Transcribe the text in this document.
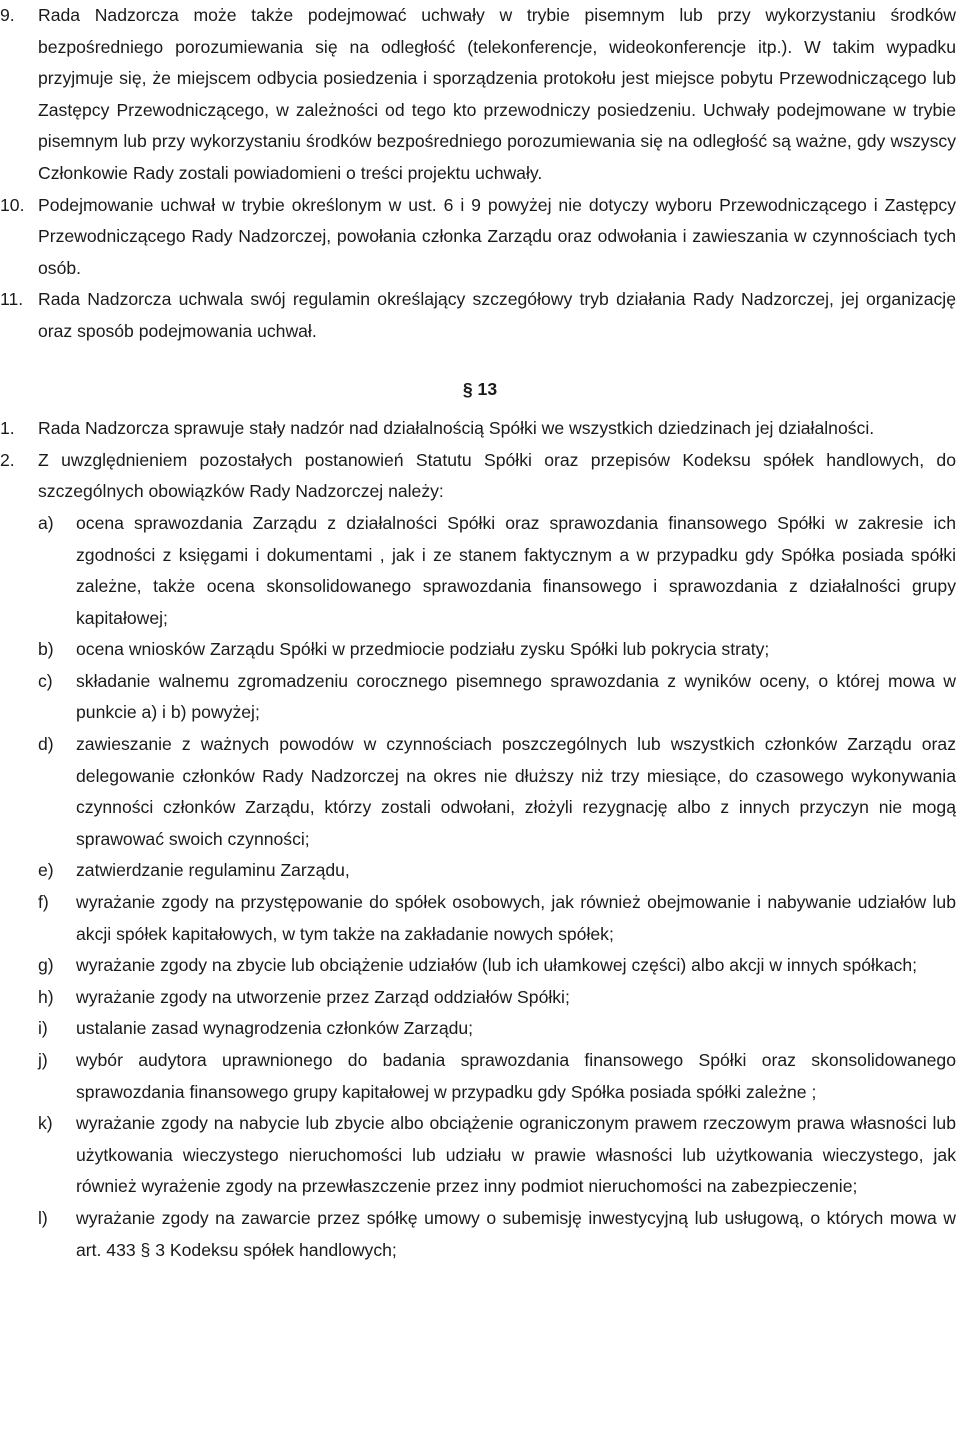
9. Rada Nadzorcza może także podejmować uchwały w trybie pisemnym lub przy wykorzystaniu środków bezpośredniego porozumiewania się na odległość (telekonferencje, wideokonferencje itp.). W takim wypadku przyjmuje się, że miejscem odbycia posiedzenia i sporządzenia protokołu jest miejsce pobytu Przewodniczącego lub Zastępcy Przewodniczącego, w zależności od tego kto przewodniczy posiedzeniu. Uchwały podejmowane w trybie pisemnym lub przy wykorzystaniu środków bezpośredniego porozumiewania się na odległość są ważne, gdy wszyscy Członkowie Rady zostali powiadomieni o treści projektu uchwały.
10. Podejmowanie uchwał w trybie określonym w ust. 6 i 9 powyżej nie dotyczy wyboru Przewodniczącego i Zastępcy Przewodniczącego Rady Nadzorczej, powołania członka Zarządu oraz odwołania i zawieszania w czynnościach tych osób.
11. Rada Nadzorcza uchwala swój regulamin określający szczegółowy tryb działania Rady Nadzorczej, jej organizację oraz sposób podejmowania uchwał.
§ 13
1. Rada Nadzorcza sprawuje stały nadzór nad działalnością Spółki we wszystkich dziedzinach jej działalności.
2. Z uwzględnieniem pozostałych postanowień Statutu Spółki oraz przepisów Kodeksu spółek handlowych, do szczególnych obowiązków Rady Nadzorczej należy:
a) ocena sprawozdania Zarządu z działalności Spółki oraz sprawozdania finansowego Spółki w zakresie ich zgodności z księgami i dokumentami , jak i ze stanem faktycznym a w przypadku gdy Spółka posiada spółki zależne, także ocena skonsolidowanego sprawozdania finansowego i sprawozdania z działalności grupy kapitałowej;
b) ocena wniosków Zarządu Spółki w przedmiocie podziału zysku Spółki lub pokrycia straty;
c) składanie walnemu zgromadzeniu corocznego pisemnego sprawozdania z wyników oceny, o której mowa w punkcie a) i b) powyżej;
d) zawieszanie z ważnych powodów w czynnościach poszczególnych lub wszystkich członków Zarządu oraz delegowanie członków Rady Nadzorczej na okres nie dłuższy niż trzy miesiące, do czasowego wykonywania czynności członków Zarządu, którzy zostali odwołani, złożyli rezygnację albo z innych przyczyn nie mogą sprawować swoich czynności;
e) zatwierdzanie regulaminu Zarządu,
f) wyrażanie zgody na przystępowanie do spółek osobowych, jak również obejmowanie i nabywanie udziałów lub akcji spółek kapitałowych, w tym także na zakładanie nowych spółek;
g) wyrażanie zgody na zbycie lub obciążenie udziałów (lub ich ułamkowej części) albo akcji w innych spółkach;
h) wyrażanie zgody na utworzenie przez Zarząd oddziałów Spółki;
i) ustalanie zasad wynagrodzenia członków Zarządu;
j) wybór audytora uprawnionego do badania sprawozdania finansowego Spółki oraz skonsolidowanego sprawozdania finansowego grupy kapitałowej w przypadku gdy Spółka posiada spółki zależne ;
k) wyrażanie zgody na nabycie lub zbycie albo obciążenie ograniczonym prawem rzeczowym prawa własności lub użytkowania wieczystego nieruchomości lub udziału w prawie własności lub użytkowania wieczystego, jak również wyrażenie zgody na przewłaszczenie przez inny podmiot nieruchomości na zabezpieczenie;
l) wyrażanie zgody na zawarcie przez spółkę umowy o subemisję inwestycyjną lub usługową, o których mowa w art. 433 § 3 Kodeksu spółek handlowych;
